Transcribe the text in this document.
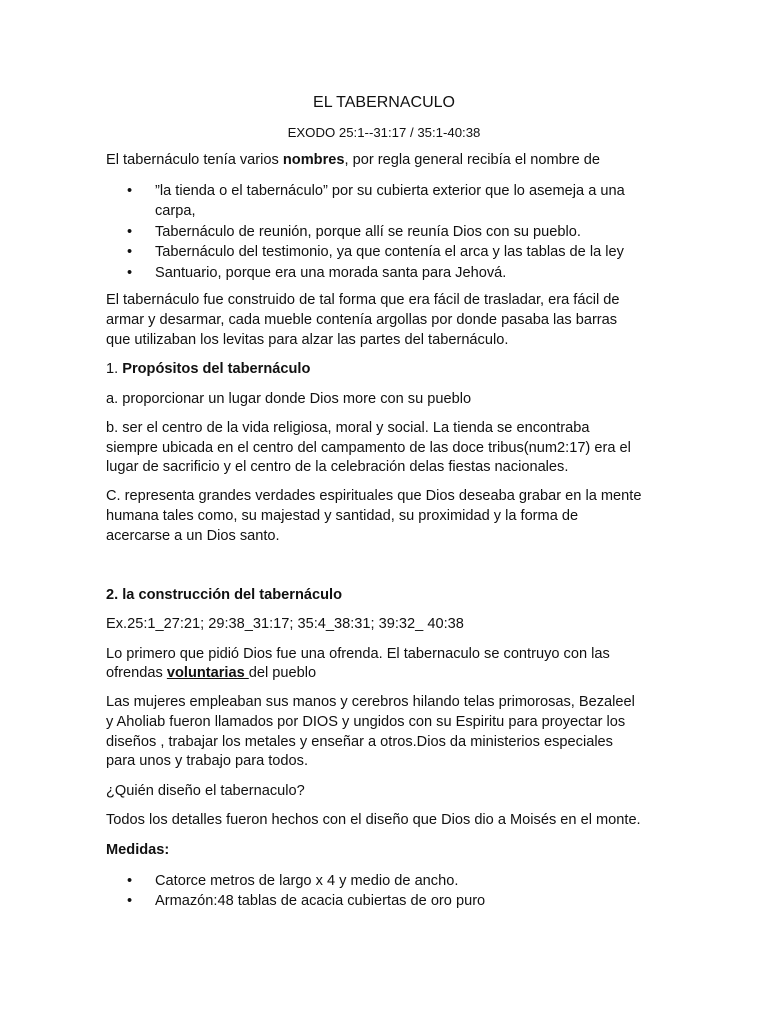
EL TABERNACULO

EXODO 25:1--31:17 / 35:1-40:38

El tabernáculo tenía varios nombres, por regla general recibía el nombre de

• ”la tienda o el tabernáculo” por su cubierta exterior que lo asemeja a una
carpa,
• Tabernáculo de reunión, porque allí se reunía Dios con su pueblo.
• Tabernáculo del testimonio, ya que contenía el arca y las tablas de la ley
• Santuario, porque era una morada santa para Jehová.

El tabernáculo fue construido de tal forma que era fácil de trasladar, era fácil de

armar y desarmar, cada mueble contenía argollas por donde pasaba las barras

que utilizaban los levitas para alzar las partes del tabernáculo.

1. Propósitos del tabernáculo

a. proporcionar un lugar donde Dios more con su pueblo

b. ser el centro de la vida religiosa, moral y social. La tienda se encontraba

siempre ubicada en el centro del campamento de las doce tribus(num2:17) era el

lugar de sacrificio y el centro de la celebración delas fiestas nacionales.

C. representa grandes verdades espirituales que Dios deseaba grabar en la mente

humana tales como, su majestad y santidad, su proximidad y la forma de

acercarse a un Dios santo.

2. la construcción del tabernáculo

Ex.25:1_27:21; 29:38_31:17; 35:4_38:31; 39:32_ 40:38

Lo primero que pidió Dios fue una ofrenda. El tabernaculo se contruyo con las

ofrendas voluntarias del pueblo

Las mujeres empleaban sus manos y cerebros hilando telas primorosas, Bezaleel

y Aholiab fueron llamados por DIOS y ungidos con su Espiritu para proyectar los

diseños , trabajar los metales y enseñar a otros.Dios da ministerios especiales

para unos y trabajo para todos.

¿Quién diseño el tabernaculo?

Todos los detalles fueron hechos con el diseño que Dios dio a Moisés en el monte.

Medidas:

• Catorce metros de largo x 4 y medio de ancho.
• Armazón:48 tablas de acacia cubiertas de oro puro
